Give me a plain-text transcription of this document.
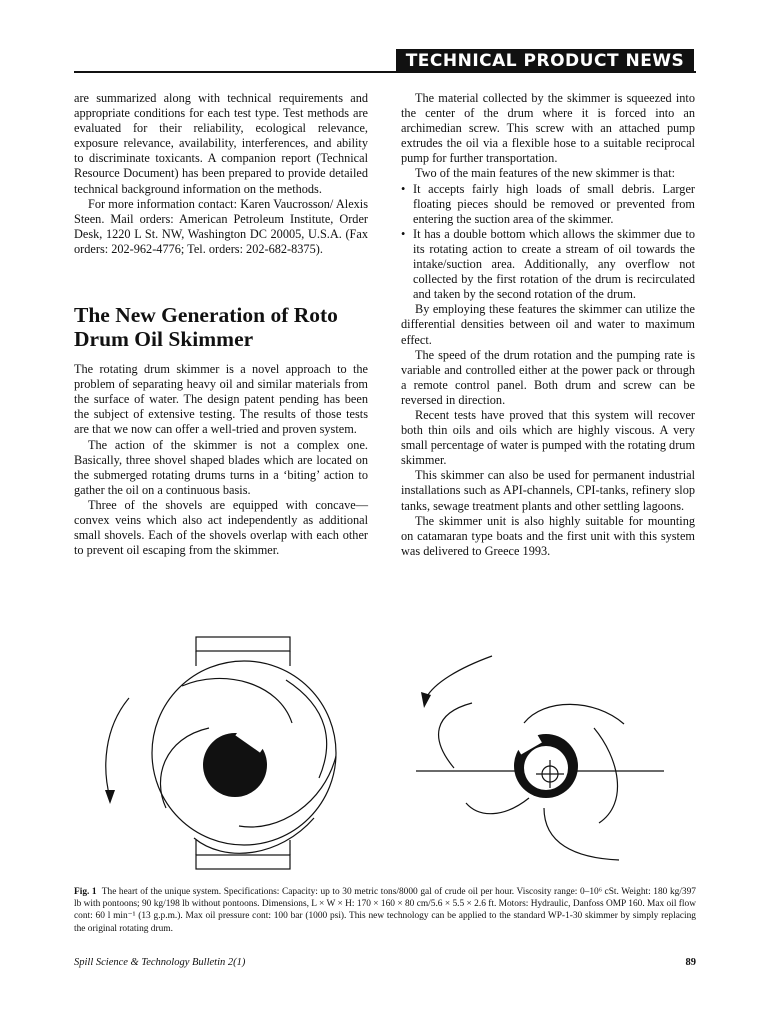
TECHNICAL PRODUCT NEWS

are summarized along with technical requirements and appropriate conditions for each test type. Test methods are evaluated for their reliability, ecological relevance, exposure relevance, availability, interferences, and ability to discriminate toxicants. A companion report (Technical Resource Document) has been prepared to provide detailed technical background information on the methods.

For more information contact: Karen Vaucrosson/ Alexis Steen. Mail orders: American Petroleum Institute, Order Desk, 1220 L St. NW, Washington DC 20005, U.S.A. (Fax orders: 202-962-4776; Tel. orders: 202-682-8375).

The New Generation of Roto Drum Oil Skimmer

The rotating drum skimmer is a novel approach to the problem of separating heavy oil and similar materials from the surface of water. The design patent pending has been the subject of extensive testing. The results of those tests are that we now can offer a well-tried and proven system.

The action of the skimmer is not a complex one. Basically, three shovel shaped blades which are located on the submerged rotating drums turns in a ‘biting’ action to gather the oil on a continuous basis.

Three of the shovels are equipped with concave—convex veins which also act independently as additional small shovels. Each of the shovels overlap with each other to prevent oil escaping from the skimmer.

The material collected by the skimmer is squeezed into the center of the drum where it is forced into an archimedian screw. This screw with an attached pump extrudes the oil via a flexible hose to a suitable reciprocal pump for further transportation.

Two of the main features of the new skimmer is that:

• It accepts fairly high loads of small debris. Larger floating pieces should be removed or prevented from entering the suction area of the skimmer.
• It has a double bottom which allows the skimmer due to its rotating action to create a stream of oil towards the intake/suction area. Additionally, any overflow not collected by the first rotation of the drum is recirculated and taken by the second rotation of the drum.

By employing these features the skimmer can utilize the differential densities between oil and water to maximum effect.

The speed of the drum rotation and the pumping rate is variable and controlled either at the power pack or through a remote control panel. Both drum and screw can be reversed in direction.

Recent tests have proved that this system will recover both thin oils and oils which are highly viscous. A very small percentage of water is pumped with the rotating drum skimmer.

This skimmer can also be used for permanent industrial installations such as API-channels, CPI-tanks, refinery slop tanks, sewage treatment plants and other settling lagoons.

The skimmer unit is also highly suitable for mounting on catamaran type boats and the first unit with this system was delivered to Greece 1993.

Fig. 1 The heart of the unique system. Specifications: Capacity: up to 30 metric tons/8000 gal of crude oil per hour. Viscosity range: 0–10⁶ cSt. Weight: 180 kg/397 lb with pontoons; 90 kg/198 lb without pontoons. Dimensions, L × W × H: 170 × 160 × 80 cm/5.6 × 5.5 × 2.6 ft. Motors: Hydraulic, Danfoss OMP 160. Max oil flow cont: 60 l min⁻¹ (13 g.p.m.). Max oil pressure cont: 100 bar (1000 psi). This new technology can be applied to the standard WP-1-30 skimmer by simply replacing the original rotating drum.
Spill Science & Technology Bulletin 2(1)	89
